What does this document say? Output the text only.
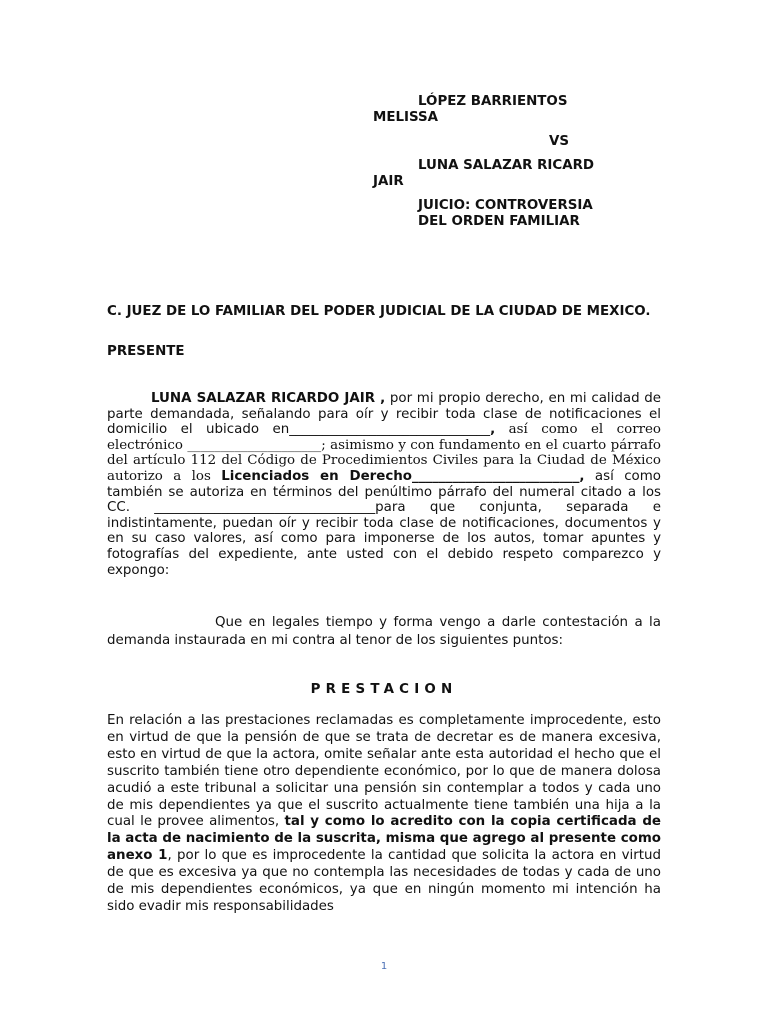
LÓPEZ BARRIENTOS
MELISSA
VS
LUNA SALAZAR RICARD
JAIR
JUICIO: CONTROVERSIA
DEL ORDEN FAMILIAR
C. JUEZ DE LO FAMILIAR DEL PODER JUDICIAL DE LA CIUDAD DE MEXICO.
PRESENTE
LUNA SALAZAR RICARDO JAIR , por mi propio derecho, en mi calidad de parte demandada, señalando para oír y recibir toda clase de notificaciones el domicilio el ubicado en______________________________, así como el correo electrónico ____________________; asimismo y con fundamento en el cuarto párrafo del artículo 112 del Código de Procedimientos Civiles para la Ciudad de México autorizo a los Licenciados en Derecho_________________________, así como también se autoriza en términos del penúltimo párrafo del numeral citado a los CC. _________________________________para que conjunta, separada e indistintamente, puedan oír y recibir toda clase de notificaciones, documentos y en su caso valores, así como para imponerse de los autos, tomar apuntes y fotografías del expediente, ante usted con el debido respeto comparezco y expongo:
Que en legales tiempo y forma vengo a darle contestación a la demanda instaurada en mi contra al tenor de los siguientes puntos:
PRESTACION
En relación a las prestaciones reclamadas es completamente improcedente, esto en virtud de que la pensión de que se trata de decretar es de manera excesiva, esto en virtud de que la actora, omite señalar ante esta autoridad el hecho que el suscrito también tiene otro dependiente económico, por lo que de manera dolosa acudió a este tribunal a solicitar una pensión sin contemplar a todos y cada uno de mis dependientes ya que el suscrito actualmente tiene también una hija a la cual le provee alimentos, tal y como lo acredito con la copia certificada de la acta de nacimiento de la suscrita, misma que agrego al presente como anexo 1, por lo que es improcedente la cantidad que solicita la actora en virtud de que es excesiva ya que no contempla las necesidades de todas y cada de uno de mis dependientes económicos, ya que en ningún momento mi intención ha sido evadir mis responsabilidades
1
